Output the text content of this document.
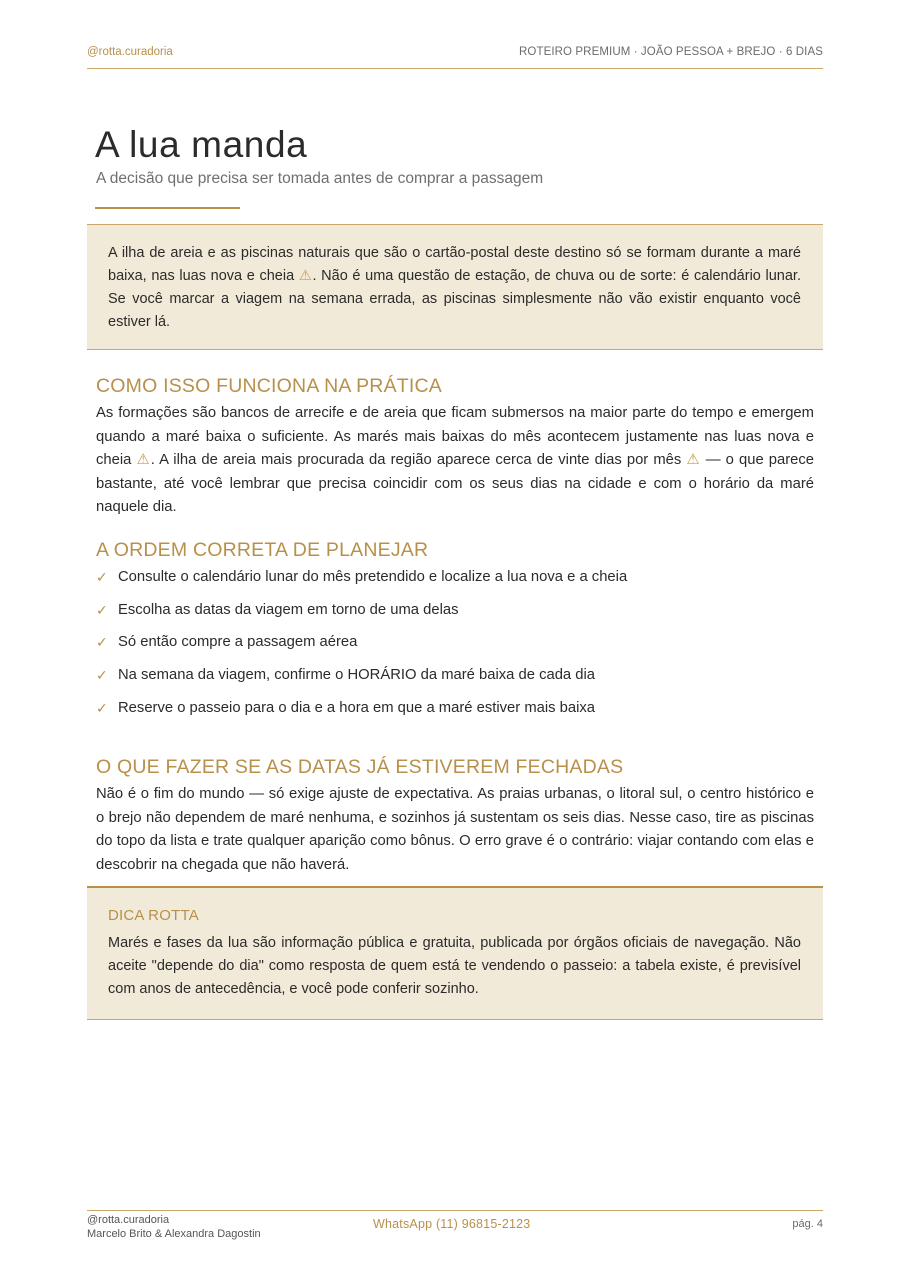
@rotta.curadoria	ROTEIRO PREMIUM · JOÃO PESSOA + BREJO · 6 DIAS
A lua manda
A decisão que precisa ser tomada antes de comprar a passagem

A ilha de areia e as piscinas naturais que são o cartão-postal deste destino só se formam durante a maré baixa, nas luas nova e cheia ⚠. Não é uma questão de estação, de chuva ou de sorte: é calendário lunar. Se você marcar a viagem na semana errada, as piscinas simplesmente não vão existir enquanto você estiver lá.

COMO ISSO FUNCIONA NA PRÁTICA

As formações são bancos de arrecife e de areia que ficam submersos na maior parte do tempo e emergem quando a maré baixa o suficiente. As marés mais baixas do mês acontecem justamente nas luas nova e cheia ⚠. A ilha de areia mais procurada da região aparece cerca de vinte dias por mês ⚠ — o que parece bastante, até você lembrar que precisa coincidir com os seus dias na cidade e com o horário da maré naquele dia.

A ORDEM CORRETA DE PLANEJAR
✓ Consulte o calendário lunar do mês pretendido e localize a lua nova e a cheia
✓ Escolha as datas da viagem em torno de uma delas
✓ Só então compre a passagem aérea
✓ Na semana da viagem, confirme o HORÁRIO da maré baixa de cada dia
✓ Reserve o passeio para o dia e a hora em que a maré estiver mais baixa
O QUE FAZER SE AS DATAS JÁ ESTIVEREM FECHADAS

Não é o fim do mundo — só exige ajuste de expectativa. As praias urbanas, o litoral sul, o centro histórico e o brejo não dependem de maré nenhuma, e sozinhos já sustentam os seis dias. Nesse caso, tire as piscinas do topo da lista e trate qualquer aparição como bônus. O erro grave é o contrário: viajar contando com elas e descobrir na chegada que não haverá.

DICA ROTTA

Marés e fases da lua são informação pública e gratuita, publicada por órgãos oficiais de navegação. Não aceite "depende do dia" como resposta de quem está te vendendo o passeio: a tabela existe, é previsível com anos de antecedência, e você pode conferir sozinho.

@rotta.curadoria
Marcelo Brito & Alexandra Dagostin
WhatsApp (11) 96815-2123	pág. 4
